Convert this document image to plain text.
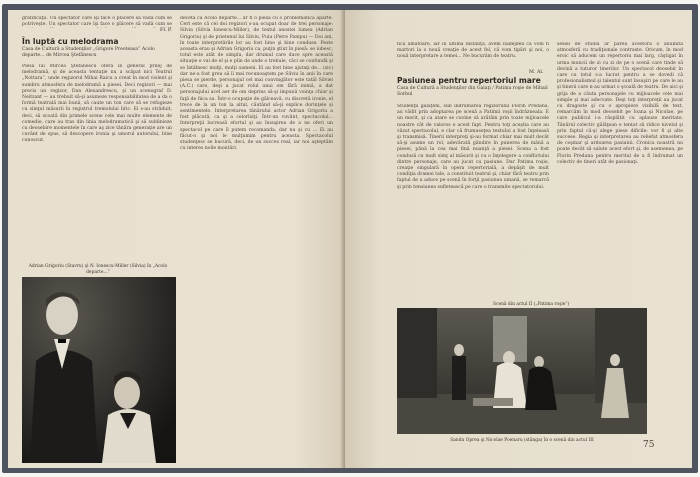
gratificaţii. Un spectator care îşi face o plăcere să vadă cum se potriveşte. Un spectator care îşi face o plăcere să vadă cum se
Fl. P.
În luptă cu melodrama
Casa de Cultură a Studenţilor „Grigore Preoteasa” Acolo departe... de Mircea Ştefănescu
Piesa lui Mircea Ştefănescu oferă în general prilej de melodramă, şi de aceasta tentaţie nu a scăpat nici Teatrul „Nottara”, unde regizorul Mihai Raicu a creat în mod violent şi sumbru atmosfera de melodramă a piesei. Deci regizori — mai precis un regizor, Dan Alexandrescu, şi un scenograf D. Neitzant — au trebuit să-şi asumeze responsabilitatea de a da o formă teatrală mai bună, să caute un ton care să se refugieze cu simţul măsurii în registrul tremolului liric. Ei s-au străduit, deci, să scoată din primele scene cele mai multe elemente de comedie, care au tras din linia melodramatică şi să sublinieze cu deosebire momentele în care aş zice tânăra generaţie are un cuvânt de spus, să descopere ironia şi umorul autorului, bine cunoscut.
decetă că Acolo departe... ar fi o piesă cu o problematică aparte. Cert este că cei doi regizori s-au ocupat doar de trei personaje: Silvia (Silvia Ionescu-Miller), de textul anostei lumea (Adrian Grigoriu) şi de prietenul lui Silviu, Puiu (Petre Pampu) — Doi ani, în toate interpretările lor au fost bine şi bine conduse. Peste aceasta erau şi Adrian Grigoriu ca, puţin ştiut în piesă: se iubesc, totul este atât de simplu, dar drumul care duce spre această situaţie e vai de el şi e plin de unde o trebuie, căci se confundă şi se întâlnesc mulţi, mulţi oameni. Ei au fost bine ajutaţi de... (sic) dar ne-a fost greu să îi mai recunoaştem pe Silviu în anii în care piesa se pierde, personajul cel mai convingător este tatăl Silviei (A.C.) care, deşi a jucat rolul unui om fără inimă, a dat personajului acel aer de om deprins să-şi impună voinţa chiar şi faţă de fiica sa. Într-o ocupaţie de gâlceavă, cu discretă ironie, el trece de la un ton la altul, căutând să-şi explice dorinţele şi sentimentele. Interpretarea tânărului actor Adrian Grigoriu a fost plăcută, ca şi a celorlalţi. Într-un cuvânt, spectacolul... Interpreţii lucrează efortul şi au însuşirea de a ne oferi un spectacol pe care îl putem recomanda, dar nu şi cu ... Ei au făcut-o şi noi le mulţumim pentru aceasta. Spectacolul studenţesc se bucură, deci, de un succes real, iar noi aşteptăm cu interes noile montări.
Adrian Grigoriu (Stavru) şi N. Ionescu-Miller (Silvia) în „Acolo departe...”
fică amatoare, iar în ultimă instanţă, avem nădejdea că vom fi martori la o nouă creaţie de acest fel, că vom tipări şi noi, o nouă interpretare a temei... Ne bucurăm de teatru.
M. Al.
Pasiunea pentru repertoriul mare
Casa de Cultură a Studenţilor din Galaţi / Patima roşie de Mihail Sorbul
Studenţii gălăţeni, sub îndrumarea regizorului Florin Predana, au vădit prin adoptarea pe scenă a Patimii roşii îndrăzneala. E un merit, şi ca atare se cuvine să arătăm prin toate mijloacele noastre cât de valoros e acest fapt. Pentru toţi aceştia care au văzut spectacolul, e clar că frumuseţea textului a fost înţeleasă şi transmisă. Tinerii interpreţi şi-au format chiar mai mult decât să-şi asume un rol, adevărată gândire în punerea de mână a piesei, până la cea mai fină nuanţă a piesei. Scena a fost condusă cu mult simţ al măsurii şi cu o înţelegere a conflictului dintre personaje, care au jucat cu pasiune. Dar Patima roşie, creaţie singulară în opera repertorială, a depăşit de mult condiţia dramei tale, a constituit teatrul şi, chiar fără teatru prin faptul de a aduce pe scenă în forţă pasiunea umană, se remarcă şi prin tensiunea sufletească pe care o transmite spectatorului.
sesiei de studiu ar părea acestora o anumită atmosferă cu tradiţionale contraste. Oricum, în mod eroic să aducem un repertoriu mai larg, câştigat în urma muncii de zi cu zi de pe o scenă care tinde să devină a tuturor tinerilor. Un spectacol deosebit în care cu totul s-a lucrat pentru a se dovedi că profesionalismul şi talentul sunt însuşiri pe care le au şi tinerii care n-au urmat o şcoală de teatru. De aici şi grija de a căuta personajele cu mijloacele cele mai simple şi mai adecvate. Deşi toţi interpreţii au jucat cu dragoste şi cu o apropiere vizibilă de text, remarcăm în mod deosebit pe Ioana şi Nicolae, pe care publicul i-a răsplătit cu aplauze meritate. Tânărul colectiv gălăţean e tentat să ridice nivelul şi prin faptul că-şi alege piese dificile: vor fi şi alte succese. Regia şi interpretarea au reliefat atmosfera de coşmar şi ardoarea pasiunii. Cronica noastră nu poate decât să salute acest efort şi, de asemenea, pe Florin Predana pentru meritul de a fi îndrumat un colectiv de tineri atât de pasionaţi.
Scenă din actul II („Patima roşie”)
Sandu Oprea şi Nicolae Poenaru (stânga) în o scenă din actul III	75
